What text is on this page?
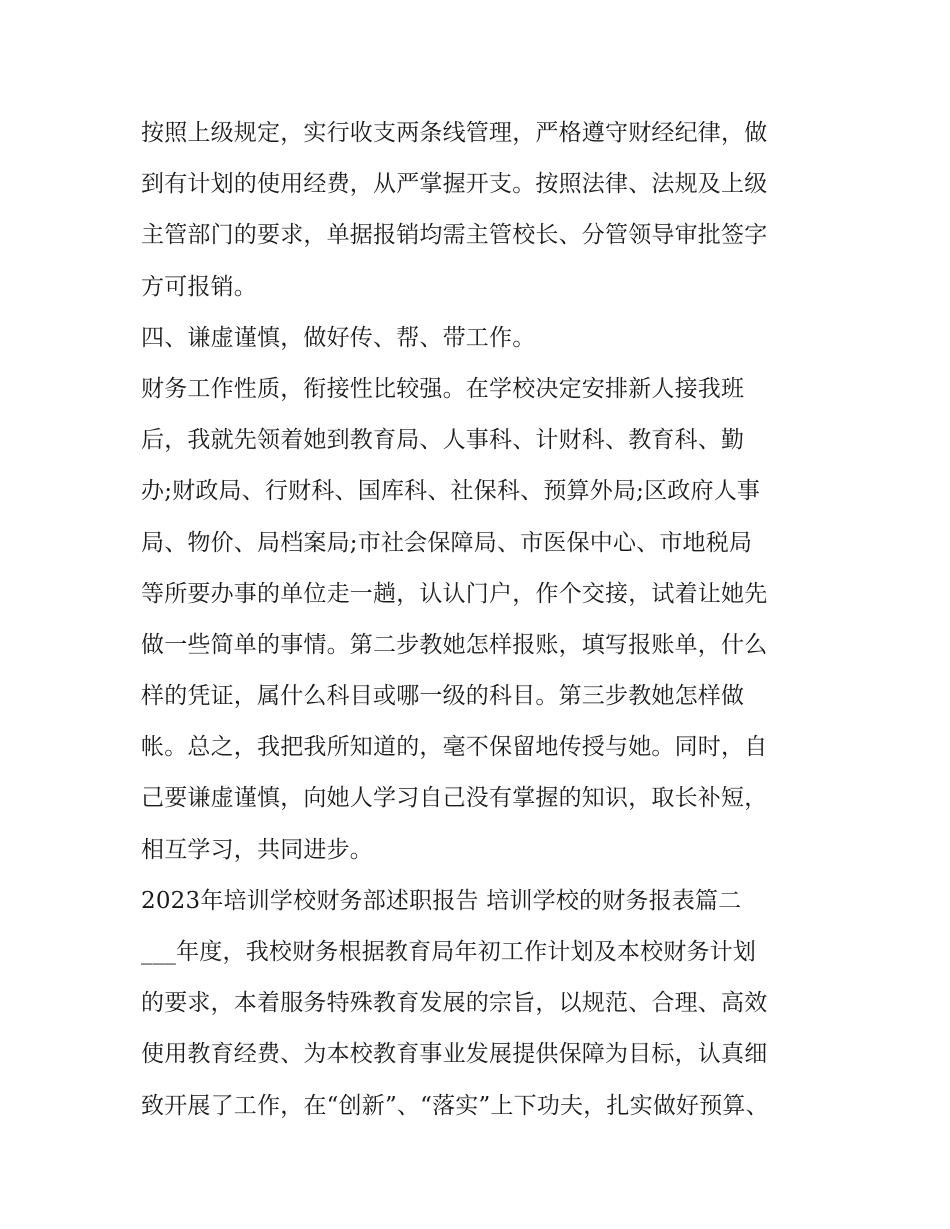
按照上级规定，实行收支两条线管理，严格遵守财经纪律，做
到有计划的使用经费，从严掌握开支。按照法律、法规及上级
主管部门的要求，单据报销均需主管校长、分管领导审批签字
方可报销。
四、谦虚谨慎，做好传、帮、带工作。
财务工作性质，衔接性比较强。在学校决定安排新人接我班
后，我就先领着她到教育局、人事科、计财科、教育科、勤
办;财政局、行财科、国库科、社保科、预算外局;区政府人事
局、物价、局档案局;市社会保障局、市医保中心、市地税局
等所要办事的单位走一趟，认认门户，作个交接，试着让她先
做一些简单的事情。第二步教她怎样报账，填写报账单，什么
样的凭证，属什么科目或哪一级的科目。第三步教她怎样做
帐。总之，我把我所知道的，毫不保留地传授与她。同时，自
己要谦虚谨慎，向她人学习自己没有掌握的知识，取长补短，
相互学习，共同进步。
2023年培训学校财务部述职报告 培训学校的财务报表篇二
___年度，我校财务根据教育局年初工作计划及本校财务计划
的要求，本着服务特殊教育发展的宗旨，以规范、合理、高效
使用教育经费、为本校教育事业发展提供保障为目标，认真细
致开展了工作，在“创新”、“落实”上下功夫，扎实做好预算、
